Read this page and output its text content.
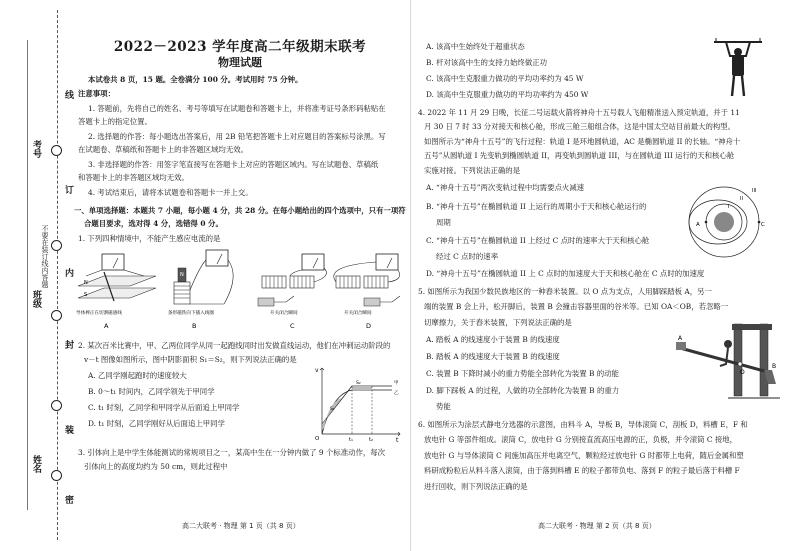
考号
班级
姓名
线
订
内
封
装
密
不要在装订线内答题
2022－2023 学年度高二年级期末联考
物理试题
本试卷共 8 页，15 题。全卷满分 100 分。考试用时 75 分钟。
注意事项：
1. 答题前，先将自己的姓名、考号等填写在试题卷和答题卡上，并将准考证号条形码粘贴在
答题卡上的指定位置。
2. 选择题的作答：每小题选出答案后，用 2B 铅笔把答题卡上对应题目的答案标号涂黑。写
在试题卷、草稿纸和答题卡上的非答题区域均无效。
3. 非选择题的作答：用签字笔直接写在答题卡上对应的答题区域内。写在试题卷、草稿纸
和答题卡上的非答题区域均无效。
4. 考试结束后，请将本试题卷和答题卡一并上交。
一、单项选择题：本题共 7 小题，每小题 4 分，共 28 分。在每小题给出的四个选项中，只有一项符
合题目要求，选对得 4 分，选错得 0 分。
1. 下列四种情境中，不能产生感应电流的是
N
S
N
导体棒正在切割磁感线	条形磁铁向下插入线圈	开关闭合瞬间	开关闭合瞬间
A	B	C	D
2. 某次百米比赛中，甲、乙两位同学从同一起跑线同时出发做直线运动，他们在冲刺运动阶段的
v－t 图像如图所示，图中阴影面积 S₁＝S₂，则下列说法正确的是
A. 乙同学刚起跑时的速度较大
B. 0～t₁ 时间内，乙同学领先于甲同学
C. t₁ 时刻，乙同学和甲同学从后面追上甲同学
D. t₁ 时刻，乙同学刚好从后面追上甲同学
v
t
O	t₁	t₂
S₁
S₂	甲
乙
3. 引体向上是中学生体能测试的常规项目之一，某高中生在一分钟内做了 9 个标准动作，每次
引体向上的高度均约为 50 cm，则此过程中
高二大联考 · 物理 第 1 页（共 8 页）
A. 该高中生始终处于超重状态
B. 杆对该高中生的支持力始终做正功
C. 该高中生克服重力做功的平均功率约为 45 W
D. 该高中生克服重力做功的平均功率约为 450 W
4. 2022 年 11 月 29 日晚，长征二号运载火箭将神舟十五号载人飞船精准送入预定轨道，并于 11
月 30 日 7 时 33 分对接天和核心舱，形成三舱三船组合体，这是中国太空站目前最大的构型。
如图所示为“神舟十五号”的飞行过程：轨道 I 是环地圆轨道，AC 是椭圆轨道 II 的长轴。“神舟十
五号”从圆轨道 I 先变轨到椭圆轨道 II，再变轨到圆轨道 III，与在圆轨道 III 运行的天和核心舱
实施对接。下列说法正确的是
A. “神舟十五号”两次变轨过程中均需要点火减速
B. “神舟十五号”在椭圆轨道 II 上运行的周期小于天和核心舱运行的
周期
C. “神舟十五号”在椭圆轨道 II 上经过 C 点时的速率大于天和核心舱
经过 C 点时的速率
D. “神舟十五号”在椭圆轨道 II 上 C 点时的加速度大于天和核心舱在 C 点时的加速度
A	C
I
II
III
5. 如图所示为我国少数民族地区的一种舂米装置。以 O 点为支点，人用脚踩踏板 A，另一
端的装置 B 会上升，松开脚后，装置 B 会撞击容器里面的谷米等。已知 OA＜OB，若忽略一
切摩擦力，关于舂米装置，下列说法正确的是
A. 踏板 A 的线速度小于装置 B 的线速度
B. 踏板 A 的线速度大于装置 B 的线速度
C. 装置 B 下降时减小的重力势能全部转化为装置 B 的动能
D. 脚下踩板 A 的过程，人做的功全部转化为装置 B 的重力
势能
A
B
O
6. 如图所示为涂层式静电分选器的示意图，由料斗 A，导板 B，导体滚筒 C，刮板 D，料槽 E，F 和
放电针 G 等部件组成。滚筒 C，放电针 G 分别接直流高压电源的正，负极，并令滚筒 C 接地，
放电针 G 与导体滚筒 C 间施加高压并电离空气，颗粒经过放电针 G 时都带上电荷，随后金属和塑
料研成粉粒后从料斗落入滚筒，由于落到料槽 E 的粒子都带负电、落到 F 的粒子最后落于料槽 F
进行回收，则下列说法正确的是
高二大联考 · 物理 第 2 页（共 8 页）
